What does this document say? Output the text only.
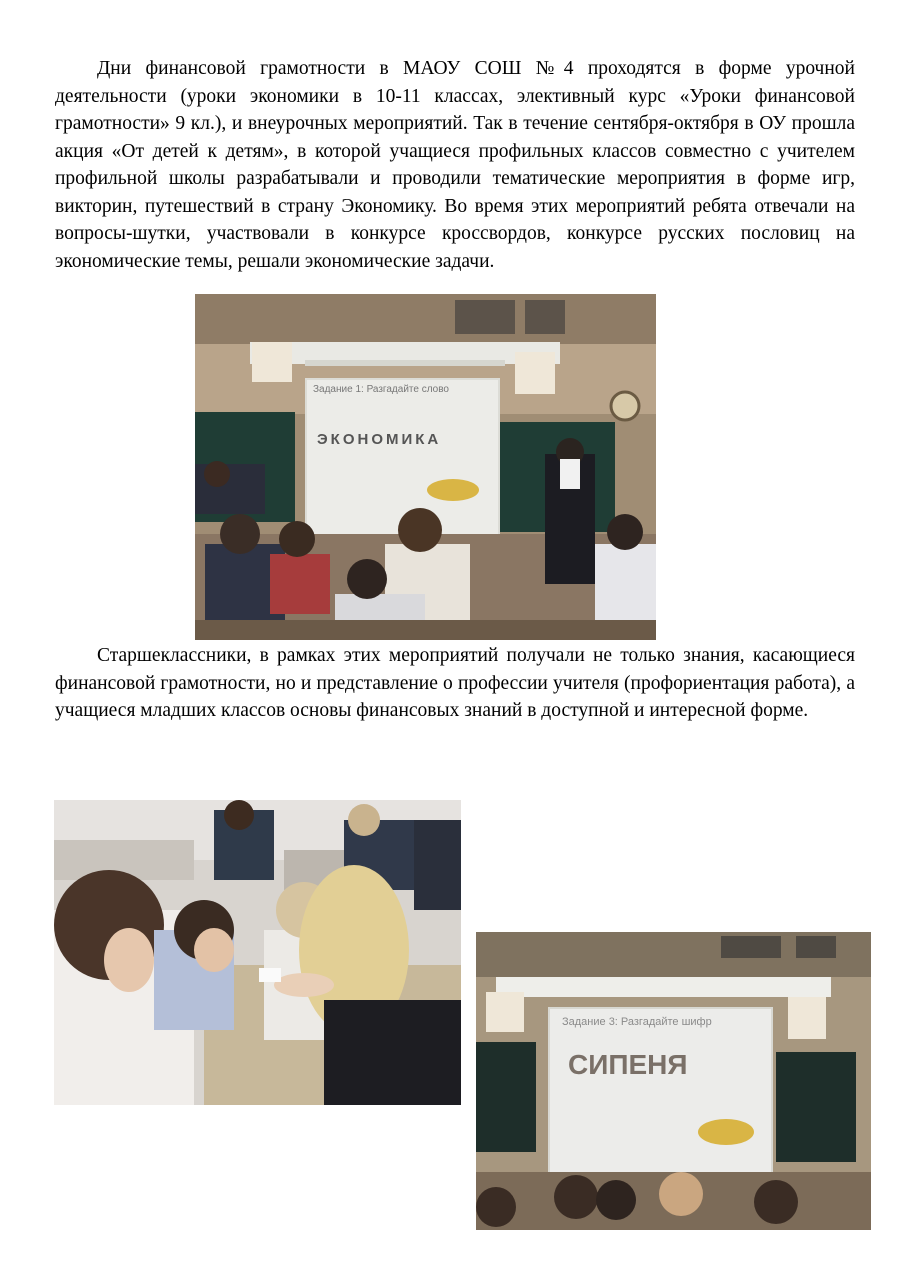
Дни финансовой грамотности в МАОУ СОШ №4 проходятся в форме урочной деятельности (уроки экономики в 10-11 классах, элективный курс «Уроки финансовой грамотности» 9 кл.), и внеурочных мероприятий. Так в течение сентября-октября в ОУ прошла акция «От детей к детям», в которой учащиеся профильных классов совместно с учителем профильной школы разрабатывали и проводили тематические мероприятия в форме игр, викторин, путешествий в страну Экономику. Во время этих мероприятий ребята отвечали на вопросы-шутки, участвовали в конкурсе кроссвордов, конкурсе русских пословиц на экономические темы, решали экономические задачи.

Задание 1: Разгадайте слово
ЭКОНОМИКА

Старшеклассники, в рамках этих мероприятий получали не только знания, касающиеся финансовой грамотности, но и представление о профессии учителя (профориентация работа), а учащиеся младших классов основы финансовых знаний в доступной и интересной форме.

Задание 3: Разгадайте шифр
СИПЕНЯ
